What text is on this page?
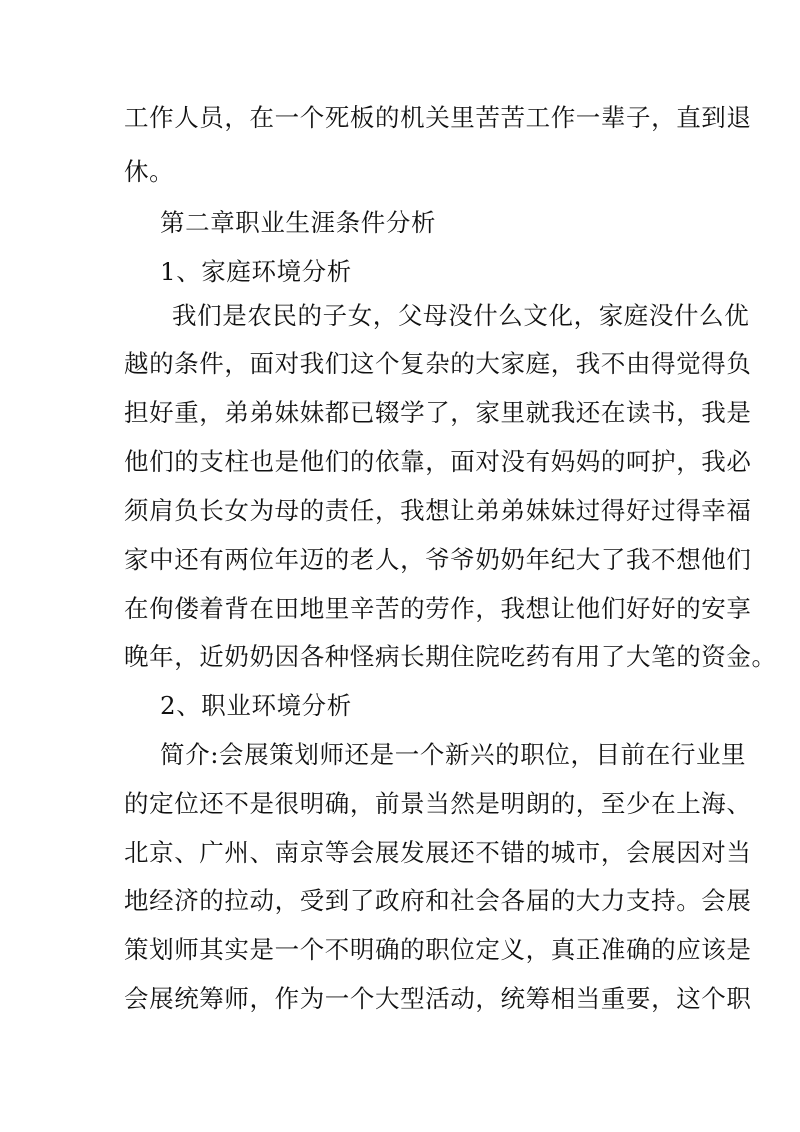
工作人员，在一个死板的机关里苦苦工作一辈子，直到退
休。
第二章职业生涯条件分析
1、家庭环境分析
我们是农民的子女，父母没什么文化，家庭没什么优
越的条件，面对我们这个复杂的大家庭，我不由得觉得负
担好重，弟弟妹妹都已辍学了，家里就我还在读书，我是
他们的支柱也是他们的依靠，面对没有妈妈的呵护，我必
须肩负长女为母的责任，我想让弟弟妹妹过得好过得幸福
家中还有两位年迈的老人，爷爷奶奶年纪大了我不想他们
在佝偻着背在田地里辛苦的劳作，我想让他们好好的安享
晚年，近奶奶因各种怪病长期住院吃药有用了大笔的资金。
2、职业环境分析
简介:会展策划师还是一个新兴的职位，目前在行业里
的定位还不是很明确，前景当然是明朗的，至少在上海、
北京、广州、南京等会展发展还不错的城市，会展因对当
地经济的拉动，受到了政府和社会各届的大力支持。会展
策划师其实是一个不明确的职位定义，真正准确的应该是
会展统筹师，作为一个大型活动，统筹相当重要，这个职
